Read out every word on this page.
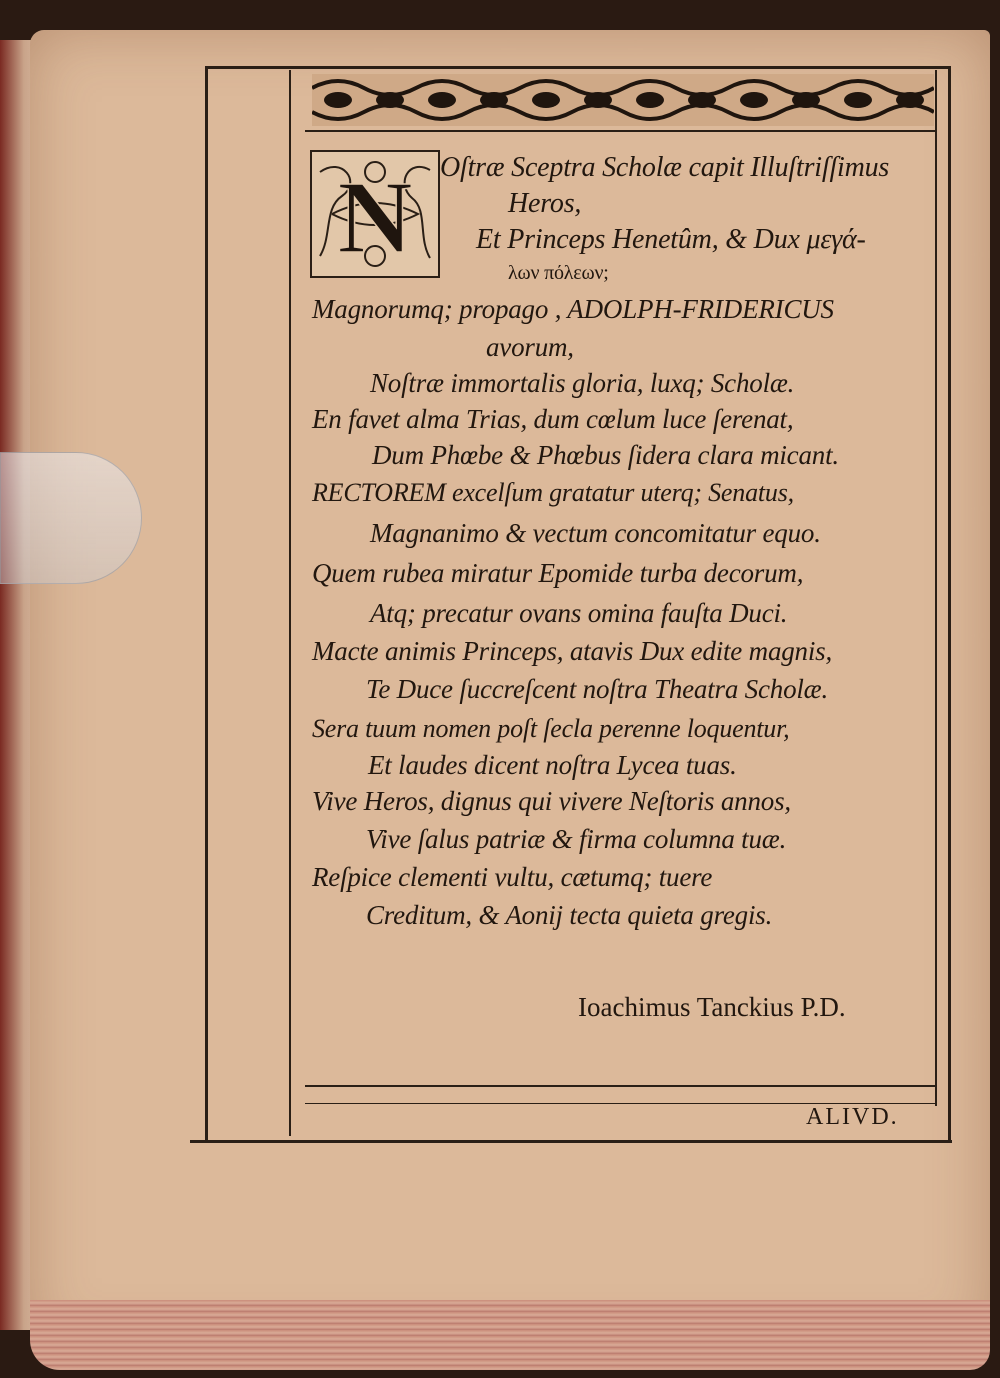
N Oſtræ Sceptra Scholæ capit Illuſtriſſimus
Heros,
Et Princeps Henetûm, & Dux μεγά-
λων πόλεων;
Magnorumq; propago , ADOLPH-FRIDERICUS
avorum,
Noſtræ immortalis gloria, luxq; Scholæ.
En favet alma Trias, dum cœlum luce ſerenat,
Dum Phœbe & Phœbus ſidera clara micant.
RECTOREM excelſum gratatur uterq; Senatus,
Magnanimo & vectum concomitatur equo.
Quem rubea miratur Epomide turba decorum,
Atq; precatur ovans omina fauſta Duci.
Macte animis Princeps, atavis Dux edite magnis,
Te Duce ſuccreſcent noſtra Theatra Scholæ.
Sera tuum nomen poſt ſecla perenne loquentur,
Et laudes dicent noſtra Lycea tuas.
Vive Heros, dignus qui vivere Neſtoris annos,
Vive ſalus patriæ & firma columna tuæ.
Reſpice clementi vultu, cætumq; tuere
Creditum, & Aonij tecta quieta gregis.
Ioachimus Tanckius P.D.
ALIVD.
